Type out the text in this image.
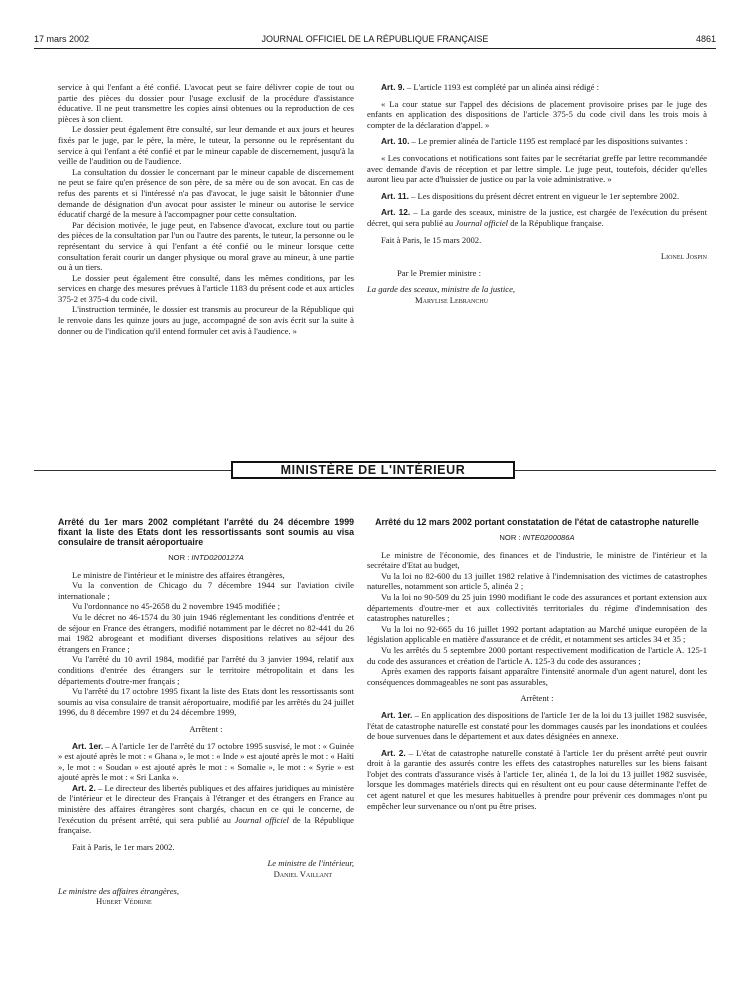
17 mars 2002	JOURNAL OFFICIEL DE LA RÉPUBLIQUE FRANÇAISE	4861

service à qui l'enfant a été confié. L'avocat peut se faire délivrer copie de tout ou partie des pièces du dossier pour l'usage exclusif de la procédure d'assistance éducative. Il ne peut transmettre les copies ainsi obtenues ou la reproduction de ces pièces à son client.

Le dossier peut également être consulté, sur leur demande et aux jours et heures fixés par le juge, par le père, la mère, le tuteur, la personne ou le représentant du service à qui l'enfant a été confié et par le mineur capable de discernement, jusqu'à la veille de l'audition ou de l'audience.

La consultation du dossier le concernant par le mineur capable de discernement ne peut se faire qu'en présence de son père, de sa mère ou de son avocat. En cas de refus des parents et si l'intéressé n'a pas d'avocat, le juge saisit le bâtonnier d'une demande de désignation d'un avocat pour assister le mineur ou autorise le service éducatif chargé de la mesure à l'accompagner pour cette consultation.

Par décision motivée, le juge peut, en l'absence d'avocat, exclure tout ou partie des pièces de la consultation par l'un ou l'autre des parents, le tuteur, la personne ou le représentant du service à qui l'enfant a été confié ou le mineur lorsque cette consultation ferait courir un danger physique ou moral grave au mineur, à une partie ou à un tiers.

Le dossier peut également être consulté, dans les mêmes conditions, par les services en charge des mesures prévues à l'article 1183 du présent code et aux articles 375-2 et 375-4 du code civil.

L'instruction terminée, le dossier est transmis au procureur de la République qui le renvoie dans les quinze jours au juge, accompagné de son avis écrit sur la suite à donner ou de l'indication qu'il entend formuler cet avis à l'audience. »

Art. 9. – L'article 1193 est complété par un alinéa ainsi rédigé :

« La cour statue sur l'appel des décisions de placement provisoire prises par le juge des enfants en application des dispositions de l'article 375-5 du code civil dans les trois mois à compter de la déclaration d'appel. »

Art. 10. – Le premier alinéa de l'article 1195 est remplacé par les dispositions suivantes :

« Les convocations et notifications sont faites par le secrétariat greffe par lettre recommandée avec demande d'avis de réception et par lettre simple. Le juge peut, toutefois, décider qu'elles auront lieu par acte d'huissier de justice ou par la voie administrative. »

Art. 11. – Les dispositions du présent décret entrent en vigueur le 1er septembre 2002.

Art. 12. – La garde des sceaux, ministre de la justice, est chargée de l'exécution du présent décret, qui sera publié au Journal officiel de la République française.

Fait à Paris, le 15 mars 2002.

Lionel Jospin

Par le Premier ministre :

La garde des sceaux, ministre de la justice,

Marylise Lebranchu

MINISTÈRE DE L'INTÉRIEUR
Arrêté du 1er mars 2002 complétant l'arrêté du 24 décembre 1999 fixant la liste des Etats dont les ressortissants sont soumis au visa consulaire de transit aéroportuaire
NOR : INTD0200127A

Le ministre de l'intérieur et le ministre des affaires étrangères,

Vu la convention de Chicago du 7 décembre 1944 sur l'aviation civile internationale ;

Vu l'ordonnance no 45-2658 du 2 novembre 1945 modifiée ;

Vu le décret no 46-1574 du 30 juin 1946 réglementant les conditions d'entrée et de séjour en France des étrangers, modifié notamment par le décret no 82-441 du 26 mai 1982 abrogeant et modifiant diverses dispositions relatives au séjour des étrangers en France ;

Vu l'arrêté du 10 avril 1984, modifié par l'arrêté du 3 janvier 1994, relatif aux conditions d'entrée des étrangers sur le territoire métropolitain et dans les départements d'outre-mer français ;

Vu l'arrêté du 17 octobre 1995 fixant la liste des Etats dont les ressortissants sont soumis au visa consulaire de transit aéroportuaire, modifié par les arrêtés du 24 juillet 1996, du 8 décembre 1997 et du 24 décembre 1999,

Arrêtent :

Art. 1er. – A l'article 1er de l'arrêté du 17 octobre 1995 susvisé, le mot : « Guinée » est ajouté après le mot : « Ghana », le mot : « Inde » est ajouté après le mot : « Haïti », le mot : « Soudan » est ajouté après le mot : « Somalie », le mot : « Syrie » est ajouté après le mot : « Sri Lanka ».

Art. 2. – Le directeur des libertés publiques et des affaires juridiques au ministère de l'intérieur et le directeur des Français à l'étranger et des étrangers en France au ministère des affaires étrangères sont chargés, chacun en ce qui le concerne, de l'exécution du présent arrêté, qui sera publié au Journal officiel de la République française.

Fait à Paris, le 1er mars 2002.

Le ministre de l'intérieur,

Daniel Vaillant

Le ministre des affaires étrangères,

Hubert Védrine

Arrêté du 12 mars 2002 portant constatation de l'état de catastrophe naturelle
NOR : INTE0200086A

Le ministre de l'économie, des finances et de l'industrie, le ministre de l'intérieur et la secrétaire d'Etat au budget,

Vu la loi no 82-600 du 13 juillet 1982 relative à l'indemnisation des victimes de catastrophes naturelles, notamment son article 5, alinéa 2 ;

Vu la loi no 90-509 du 25 juin 1990 modifiant le code des assurances et portant extension aux départements d'outre-mer et aux collectivités territoriales du régime d'indemnisation des catastrophes naturelles ;

Vu la loi no 92-665 du 16 juillet 1992 portant adaptation au Marché unique européen de la législation applicable en matière d'assurance et de crédit, et notamment ses articles 34 et 35 ;

Vu les arrêtés du 5 septembre 2000 portant respectivement modification de l'article A. 125-1 du code des assurances et création de l'article A. 125-3 du code des assurances ;

Après examen des rapports faisant apparaître l'intensité anormale d'un agent naturel, dont les conséquences dommageables ne sont pas assurables,

Arrêtent :

Art. 1er. – En application des dispositions de l'article 1er de la loi du 13 juillet 1982 susvisée, l'état de catastrophe naturelle est constaté pour les dommages causés par les inondations et coulées de boue survenues dans le département et aux dates désignées en annexe.

Art. 2. – L'état de catastrophe naturelle constaté à l'article 1er du présent arrêté peut ouvrir droit à la garantie des assurés contre les effets des catastrophes naturelles sur les biens faisant l'objet des contrats d'assurance visés à l'article 1er, alinéa 1, de la loi du 13 juillet 1982 susvisée, lorsque les dommages matériels directs qui en résultent ont eu pour cause déterminante l'effet de cet agent naturel et que les mesures habituelles à prendre pour prévenir ces dommages n'ont pu empêcher leur survenance ou n'ont pu être prises.
